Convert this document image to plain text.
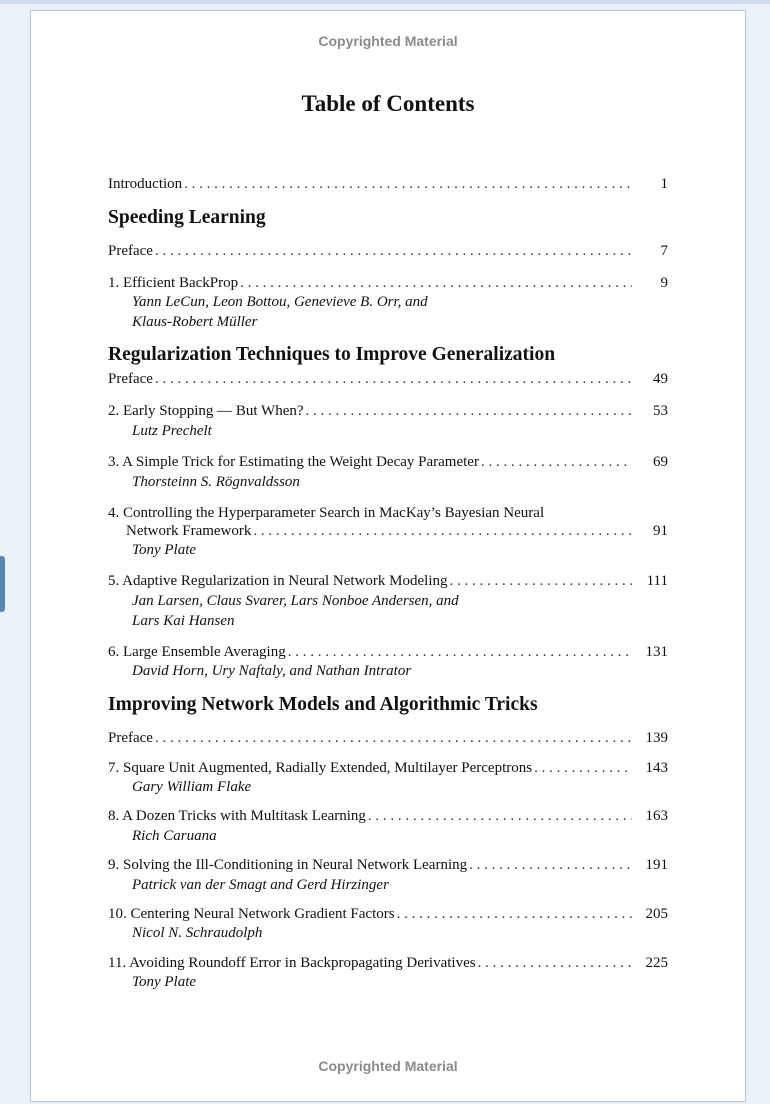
Copyrighted Material
Table of Contents
Introduction . . .	1
Speeding Learning
Preface . . .	7
1. Efficient BackProp . . .	9
Yann LeCun, Leon Bottou, Genevieve B. Orr, and
Klaus-Robert Müller
Regularization Techniques to Improve Generalization
Preface . . .	49
2. Early Stopping — But When? . . .	53
Lutz Prechelt
3. A Simple Trick for Estimating the Weight Decay Parameter . . .	69
Thorsteinn S. Rögnvaldsson
4. Controlling the Hyperparameter Search in MacKay’s Bayesian Neural
Network Framework . . .	91
Tony Plate
5. Adaptive Regularization in Neural Network Modeling . . .	111
Jan Larsen, Claus Svarer, Lars Nonboe Andersen, and
Lars Kai Hansen
6. Large Ensemble Averaging . . .	131
David Horn, Ury Naftaly, and Nathan Intrator
Improving Network Models and Algorithmic Tricks
Preface . . .	139
7. Square Unit Augmented, Radially Extended, Multilayer Perceptrons . . .	143
Gary William Flake
8. A Dozen Tricks with Multitask Learning . . .	163
Rich Caruana
9. Solving the Ill-Conditioning in Neural Network Learning . . .	191
Patrick van der Smagt and Gerd Hirzinger
10. Centering Neural Network Gradient Factors . . .	205
Nicol N. Schraudolph
11. Avoiding Roundoff Error in Backpropagating Derivatives . . .	225
Tony Plate
Copyrighted Material
